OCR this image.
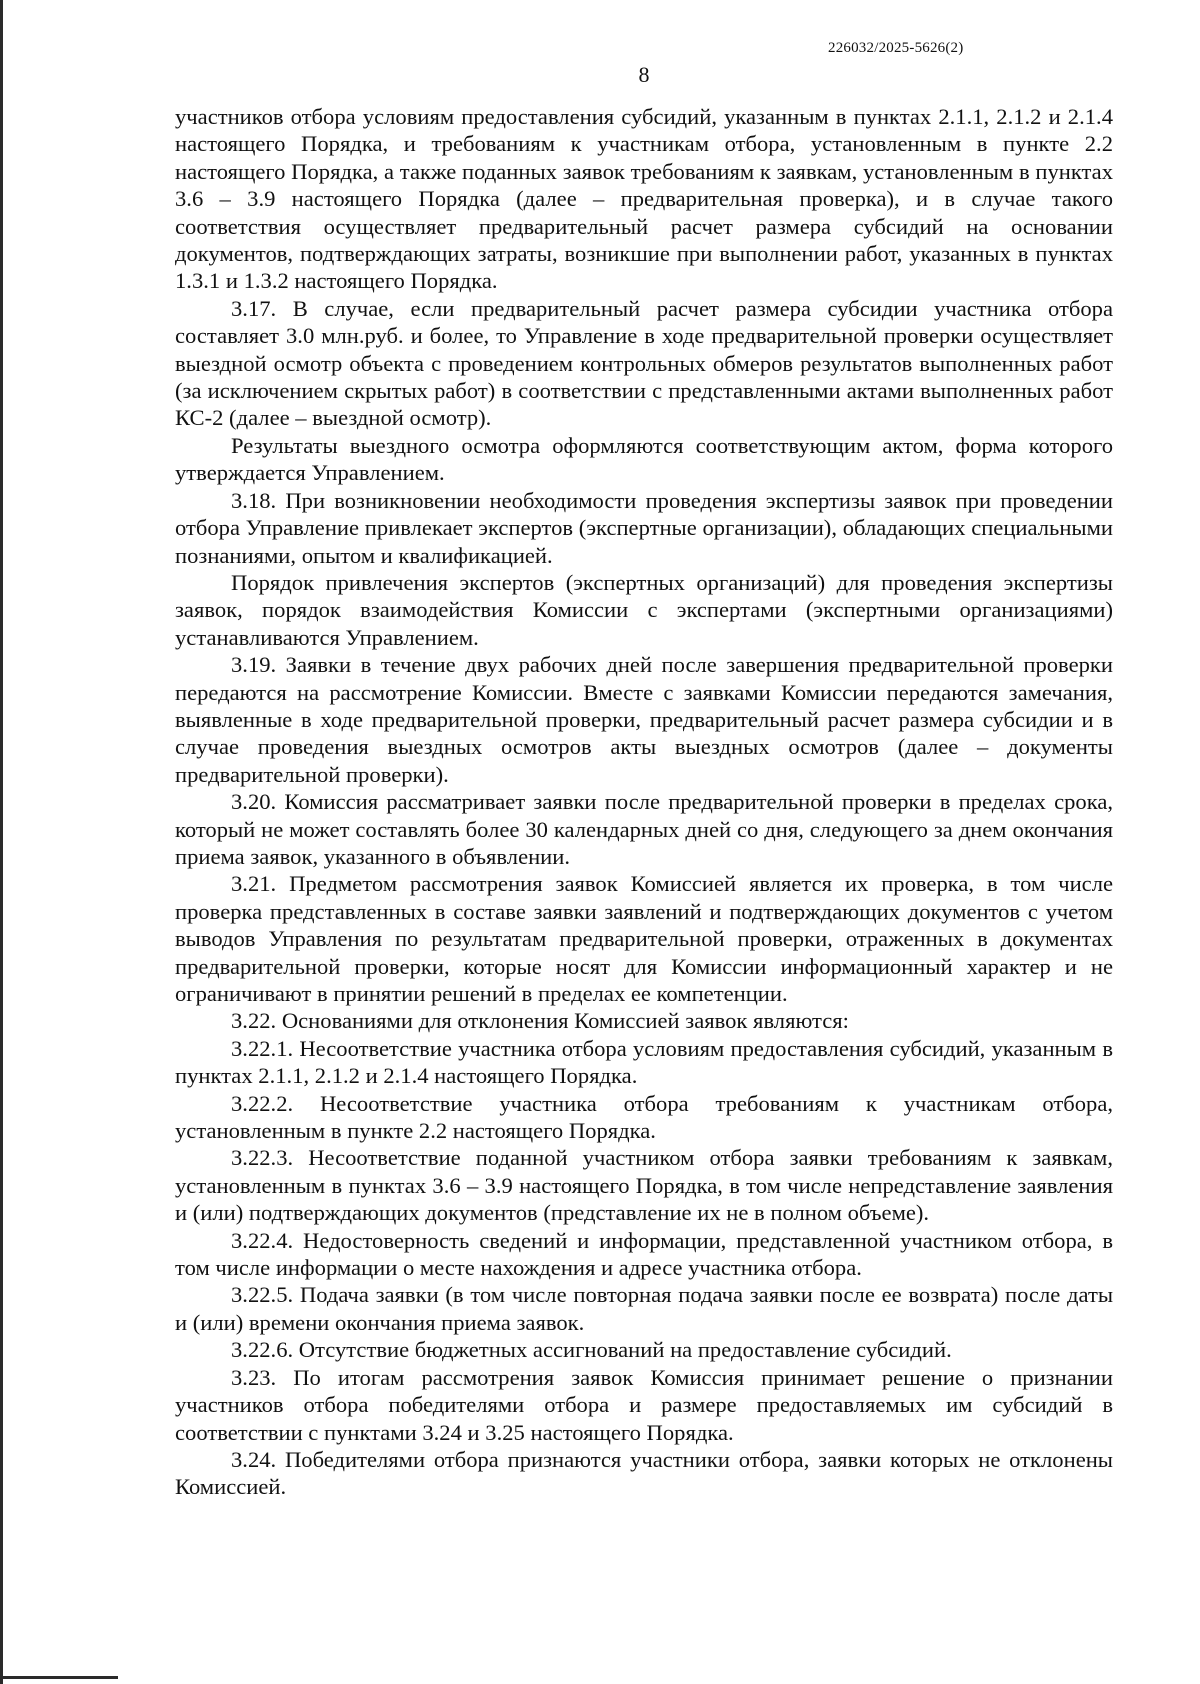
226032/2025-5626(2)
8

участников отбора условиям предоставления субсидий, указанным в пунктах 2.1.1, 2.1.2 и 2.1.4 настоящего Порядка, и требованиям к участникам отбора, установленным в пункте 2.2 настоящего Порядка, а также поданных заявок требованиям к заявкам, установленным в пунктах 3.6 – 3.9 настоящего Порядка (далее – предварительная проверка), и в случае такого соответствия осуществляет предварительный расчет размера субсидий на основании документов, подтверждающих затраты, возникшие при выполнении работ, указанных в пунктах 1.3.1 и 1.3.2 настоящего Порядка.

3.17. В случае, если предварительный расчет размера субсидии участника отбора составляет 3.0 млн.руб. и более, то Управление в ходе предварительной проверки осуществляет выездной осмотр объекта с проведением контрольных обмеров результатов выполненных работ (за исключением скрытых работ) в соответствии с представленными актами выполненных работ КС-2 (далее – выездной осмотр).

Результаты выездного осмотра оформляются соответствующим актом, форма которого утверждается Управлением.

3.18. При возникновении необходимости проведения экспертизы заявок при проведении отбора Управление привлекает экспертов (экспертные организации), обладающих специальными познаниями, опытом и квалификацией.

Порядок привлечения экспертов (экспертных организаций) для проведения экспертизы заявок, порядок взаимодействия Комиссии с экспертами (экспертными организациями) устанавливаются Управлением.

3.19. Заявки в течение двух рабочих дней после завершения предварительной проверки передаются на рассмотрение Комиссии. Вместе с заявками Комиссии передаются замечания, выявленные в ходе предварительной проверки, предварительный расчет размера субсидии и в случае проведения выездных осмотров акты выездных осмотров (далее – документы предварительной проверки).

3.20. Комиссия рассматривает заявки после предварительной проверки в пределах срока, который не может составлять более 30 календарных дней со дня, следующего за днем окончания приема заявок, указанного в объявлении.

3.21. Предметом рассмотрения заявок Комиссией является их проверка, в том числе проверка представленных в составе заявки заявлений и подтверждающих документов с учетом выводов Управления по результатам предварительной проверки, отраженных в документах предварительной проверки, которые носят для Комиссии информационный характер и не ограничивают в принятии решений в пределах ее компетенции.

3.22. Основаниями для отклонения Комиссией заявок являются:

3.22.1. Несоответствие участника отбора условиям предоставления субсидий, указанным в пунктах 2.1.1, 2.1.2 и 2.1.4 настоящего Порядка.

3.22.2. Несоответствие участника отбора требованиям к участникам отбора, установленным в пункте 2.2 настоящего Порядка.

3.22.3. Несоответствие поданной участником отбора заявки требованиям к заявкам, установленным в пунктах 3.6 – 3.9 настоящего Порядка, в том числе непредставление заявления и (или) подтверждающих документов (представление их не в полном объеме).

3.22.4. Недостоверность сведений и информации, представленной участником отбора, в том числе информации о месте нахождения и адресе участника отбора.

3.22.5. Подача заявки (в том числе повторная подача заявки после ее возврата) после даты и (или) времени окончания приема заявок.

3.22.6. Отсутствие бюджетных ассигнований на предоставление субсидий.

3.23. По итогам рассмотрения заявок Комиссия принимает решение о признании участников отбора победителями отбора и размере предоставляемых им субсидий в соответствии с пунктами 3.24 и 3.25 настоящего Порядка.

3.24. Победителями отбора признаются участники отбора, заявки которых не отклонены Комиссией.
